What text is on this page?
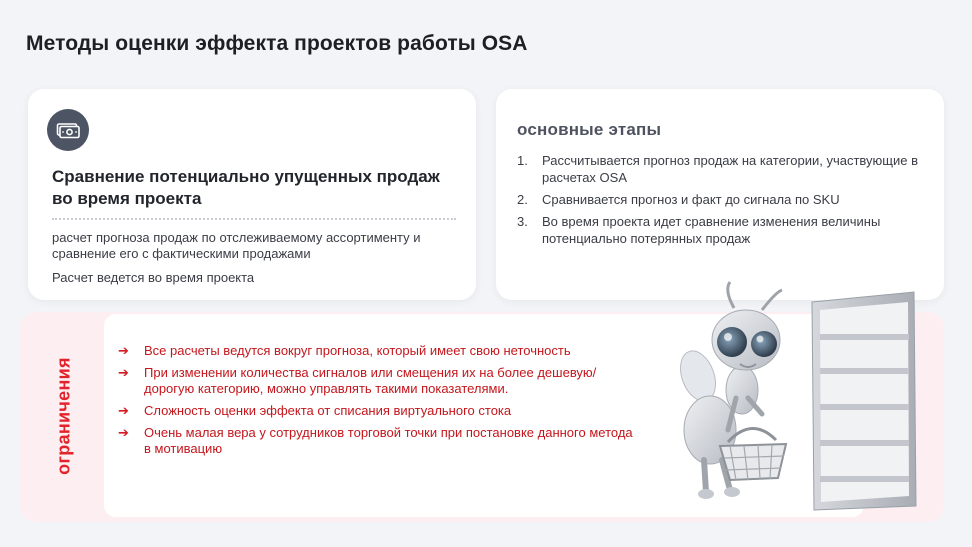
Методы оценки эффекта проектов работы OSA
Сравнение потенциально упущенных продаж во время проекта
расчет прогноза продаж по отслеживаемому ассортименту и сравнение его с фактическими продажами
Расчет ведется во время проекта
основные этапы
1.	Рассчитывается прогноз продаж на категории, участвующие в расчетах OSA
2.	Сравнивается прогноз и факт до сигнала по SKU
3.	Во время проекта идет сравнение изменения величины потенциально потерянных продаж
ограничения
➔	Все расчеты ведутся вокруг прогноза, который имеет свою неточность
➔	При изменении количества сигналов или смещения их на более дешевую/дорогую категорию, можно управлять такими показателями.
➔	Сложность оценки эффекта от списания виртуального стока
➔	Очень малая вера у сотрудников торговой точки при постановке данного метода в мотивацию
